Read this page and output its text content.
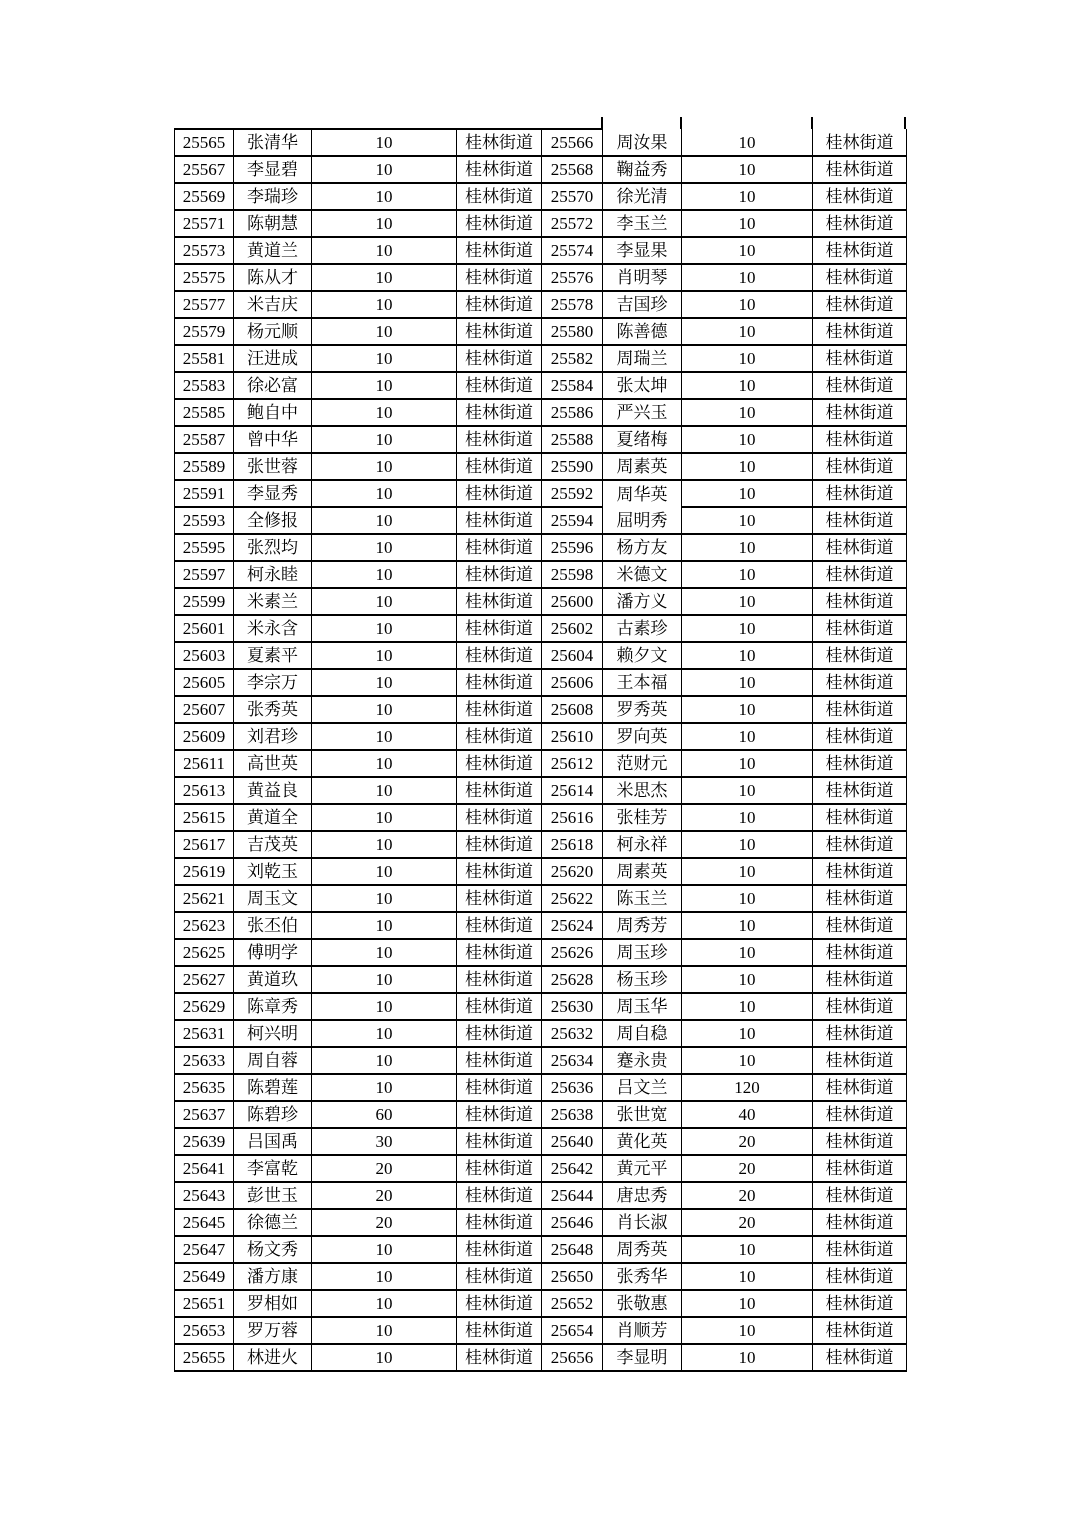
25565	张清华	10	桂林街道	25566	周汝果	10	桂林街道
25567	李显碧	10	桂林街道	25568	鞠益秀	10	桂林街道
25569	李瑞珍	10	桂林街道	25570	徐光清	10	桂林街道
25571	陈朝慧	10	桂林街道	25572	李玉兰	10	桂林街道
25573	黄道兰	10	桂林街道	25574	李显果	10	桂林街道
25575	陈从才	10	桂林街道	25576	肖明琴	10	桂林街道
25577	米吉庆	10	桂林街道	25578	吉国珍	10	桂林街道
25579	杨元顺	10	桂林街道	25580	陈善德	10	桂林街道
25581	汪进成	10	桂林街道	25582	周瑞兰	10	桂林街道
25583	徐必富	10	桂林街道	25584	张太坤	10	桂林街道
25585	鲍自中	10	桂林街道	25586	严兴玉	10	桂林街道
25587	曾中华	10	桂林街道	25588	夏绪梅	10	桂林街道
25589	张世蓉	10	桂林街道	25590	周素英	10	桂林街道
25591	李显秀	10	桂林街道	25592	周华英	10	桂林街道
25593	全修报	10	桂林街道	25594	屈明秀	10	桂林街道
25595	张烈均	10	桂林街道	25596	杨方友	10	桂林街道
25597	柯永睦	10	桂林街道	25598	米德文	10	桂林街道
25599	米素兰	10	桂林街道	25600	潘方义	10	桂林街道
25601	米永含	10	桂林街道	25602	古素珍	10	桂林街道
25603	夏素平	10	桂林街道	25604	赖夕文	10	桂林街道
25605	李宗万	10	桂林街道	25606	王本福	10	桂林街道
25607	张秀英	10	桂林街道	25608	罗秀英	10	桂林街道
25609	刘君珍	10	桂林街道	25610	罗向英	10	桂林街道
25611	高世英	10	桂林街道	25612	范财元	10	桂林街道
25613	黄益良	10	桂林街道	25614	米思杰	10	桂林街道
25615	黄道全	10	桂林街道	25616	张桂芳	10	桂林街道
25617	吉茂英	10	桂林街道	25618	柯永祥	10	桂林街道
25619	刘乾玉	10	桂林街道	25620	周素英	10	桂林街道
25621	周玉文	10	桂林街道	25622	陈玉兰	10	桂林街道
25623	张丕伯	10	桂林街道	25624	周秀芳	10	桂林街道
25625	傅明学	10	桂林街道	25626	周玉珍	10	桂林街道
25627	黄道玖	10	桂林街道	25628	杨玉珍	10	桂林街道
25629	陈章秀	10	桂林街道	25630	周玉华	10	桂林街道
25631	柯兴明	10	桂林街道	25632	周自稳	10	桂林街道
25633	周自蓉	10	桂林街道	25634	蹇永贵	10	桂林街道
25635	陈碧莲	10	桂林街道	25636	吕文兰	120	桂林街道
25637	陈碧珍	60	桂林街道	25638	张世宽	40	桂林街道
25639	吕国禹	30	桂林街道	25640	黄化英	20	桂林街道
25641	李富乾	20	桂林街道	25642	黄元平	20	桂林街道
25643	彭世玉	20	桂林街道	25644	唐忠秀	20	桂林街道
25645	徐德兰	20	桂林街道	25646	肖长淑	20	桂林街道
25647	杨文秀	10	桂林街道	25648	周秀英	10	桂林街道
25649	潘方康	10	桂林街道	25650	张秀华	10	桂林街道
25651	罗相如	10	桂林街道	25652	张敬惠	10	桂林街道
25653	罗万蓉	10	桂林街道	25654	肖顺芳	10	桂林街道
25655	林进火	10	桂林街道	25656	李显明	10	桂林街道
